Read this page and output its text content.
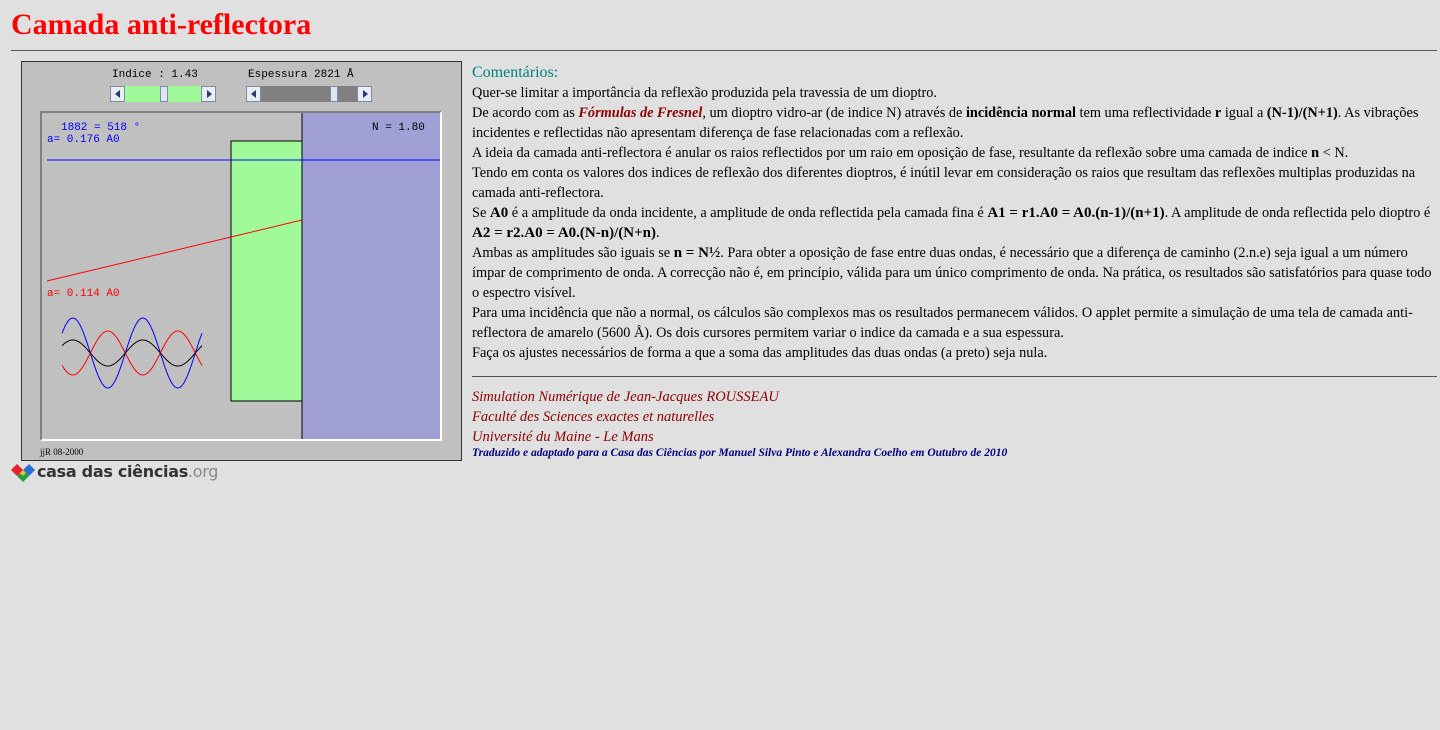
Camada anti-reflectora
Indice : 1.43	Espessura 2821 Å
1882 = 518 °
a= 0.176 A0
N = 1.80
a= 0.114 A0
jjR 08-2000
casa das ciências.org
Comentários:

Quer-se limitar a importância da reflexão produzida pela travessia de um dioptro.

De acordo com as Fórmulas de Fresnel, um dioptro vidro-ar (de indice N) através de incidência normal tem uma reflectividade r igual a (N-1)/(N+1). As vibrações incidentes e reflectidas não apresentam diferença de fase relacionadas com a reflexão.

A ideia da camada anti-reflectora é anular os raios reflectidos por um raio em oposição de fase, resultante da reflexão sobre uma camada de indice n < N.

Tendo em conta os valores dos indices de reflexão dos diferentes dioptros, é inútil levar em consideração os raios que resultam das reflexões multiplas produzidas na camada anti-reflectora.

Se A0 é a amplitude da onda incidente, a amplitude de onda reflectida pela camada fina é A1 = r1.A0 = A0.(n-1)/(n+1). A amplitude de onda reflectida pelo dioptro é A2 = r2.A0 = A0.(N-n)/(N+n).

Ambas as amplitudes são iguais se n = N½. Para obter a oposição de fase entre duas ondas, é necessário que a diferença de caminho (2.n.e) seja igual a um número ímpar de comprimento de onda. A correcção não é, em princípio, válida para um único comprimento de onda. Na prática, os resultados são satisfatórios para quase todo o espectro visível.

Para uma incidência que não a normal, os cálculos são complexos mas os resultados permanecem válidos. O applet permite a simulação de uma tela de camada anti-reflectora de amarelo (5600 Å). Os dois cursores permitem variar o indice da camada e a sua espessura.

Faça os ajustes necessários de forma a que a soma das amplitudes das duas ondas (a preto) seja nula.

Simulation Numérique de Jean-Jacques ROUSSEAU
Faculté des Sciences exactes et naturelles
Université du Maine - Le Mans
Traduzido e adaptado para a Casa das Ciências por Manuel Silva Pinto e Alexandra Coelho em Outubro de 2010
